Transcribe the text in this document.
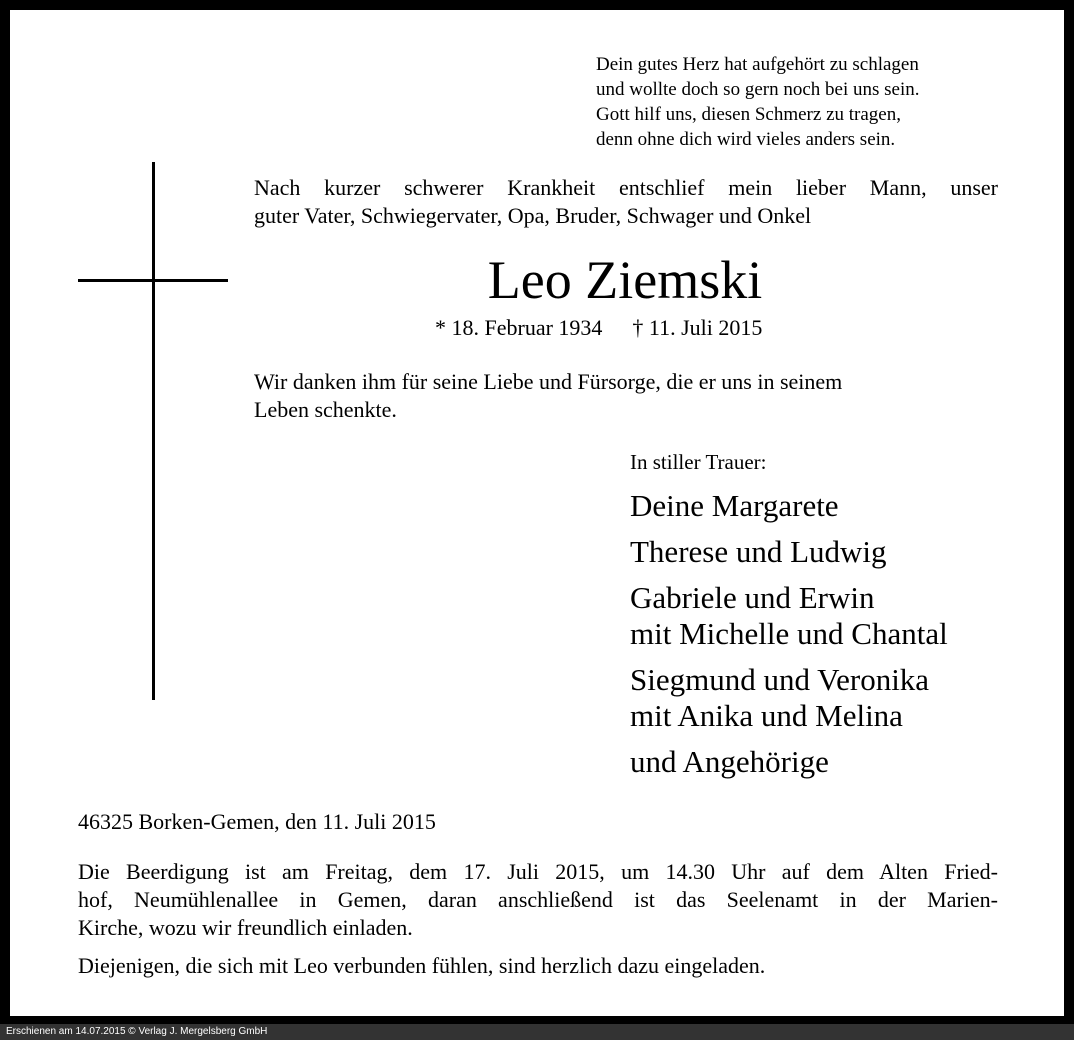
Dein gutes Herz hat aufgehört zu schlagen
und wollte doch so gern noch bei uns sein.
Gott hilf uns, diesen Schmerz zu tragen,
denn ohne dich wird vieles anders sein.
Nach kurzer schwerer Krankheit entschlief mein lieber Mann, unser
guter Vater, Schwiegervater, Opa, Bruder, Schwager und Onkel
Leo Ziemski
* 18. Februar 1934 † 11. Juli 2015
Wir danken ihm für seine Liebe und Fürsorge, die er uns in seinem
Leben schenkte.
In stiller Trauer:
Deine Margarete
Therese und Ludwig
Gabriele und Erwin
mit Michelle und Chantal
Siegmund und Veronika
mit Anika und Melina
und Angehörige
46325 Borken-Gemen, den 11. Juli 2015
Die Beerdigung ist am Freitag, dem 17. Juli 2015, um 14.30 Uhr auf dem Alten Fried-
hof, Neumühlenallee in Gemen, daran anschließend ist das Seelenamt in der Marien-
Kirche, wozu wir freundlich einladen.
Diejenigen, die sich mit Leo verbunden fühlen, sind herzlich dazu eingeladen.
Erschienen am 14.07.2015 © Verlag J. Mergelsberg GmbH
